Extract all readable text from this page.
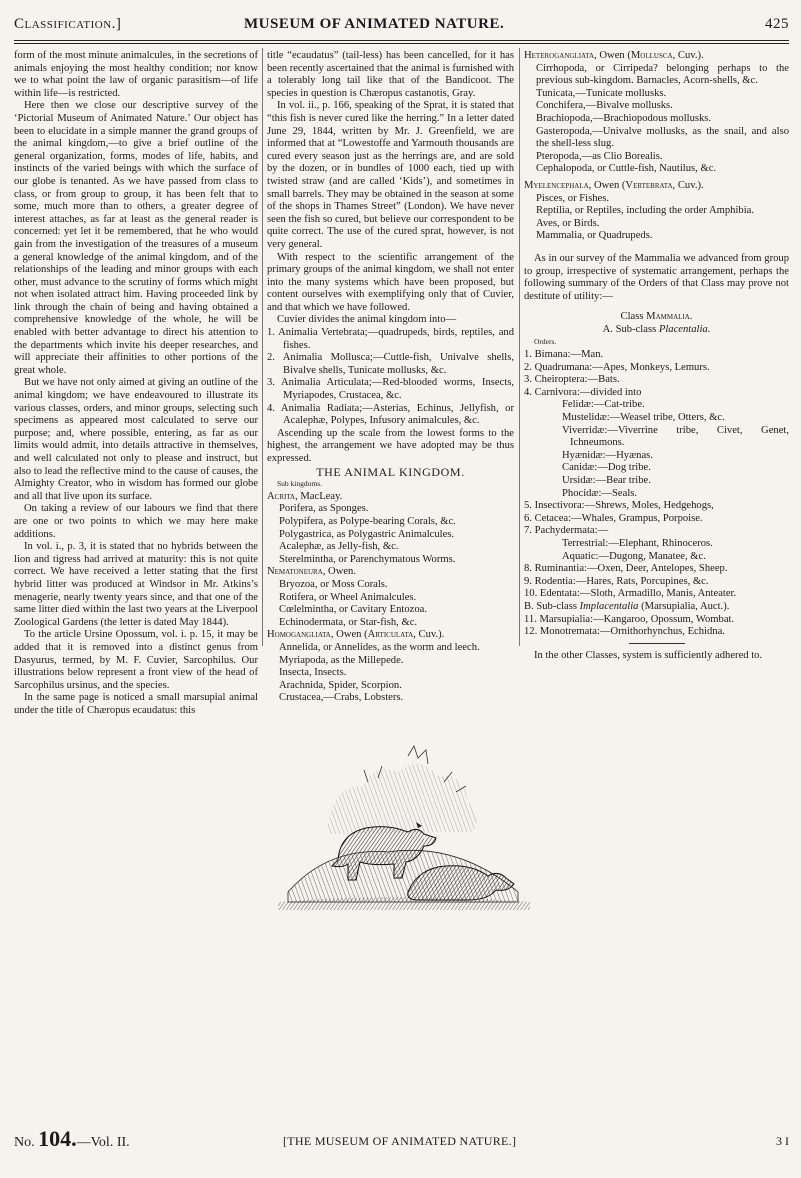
Classification.]	MUSEUM OF ANIMATED NATURE.	425

form of the most minute animalcules, in the secretions of animals enjoying the most healthy condition; nor know we to what point the law of organic parasitism—of life within life—is restricted.

Here then we close our descriptive survey of the ‘Pictorial Museum of Animated Nature.’ Our object has been to elucidate in a simple manner the grand groups of the animal kingdom,—to give a brief outline of the general organization, forms, modes of life, habits, and instincts of the varied beings with which the surface of our globe is tenanted. As we have passed from class to class, or from group to group, it has been felt that to some, much more than to others, a greater degree of interest attaches, as far at least as the general reader is concerned: yet let it be remembered, that he who would gain from the investigation of the treasures of a museum a general knowledge of the animal kingdom, and of the relationships of the leading and minor groups with each other, must advance to the scrutiny of forms which might not when isolated attract him. Having proceeded link by link through the chain of being and having obtained a comprehensive knowledge of the whole, he will be enabled with better advantage to direct his attention to the departments which invite his deeper researches, and will appreciate their affinities to other portions of the great whole.

But we have not only aimed at giving an outline of the animal kingdom; we have endeavoured to illustrate its various classes, orders, and minor groups, selecting such specimens as appeared most calculated to serve our purpose; and, where possible, entering, as far as our limits would admit, into details attractive in themselves, and well calculated not only to please and instruct, but also to lead the reflective mind to the cause of causes, the Almighty Creator, who in wisdom has formed our globe and all that live upon its surface.

On taking a review of our labours we find that there are one or two points to which we may here make additions.

In vol. i., p. 3, it is stated that no hybrids between the lion and tigress had arrived at maturity: this is not quite correct. We have received a letter stating that the first hybrid litter was produced at Windsor in Mr. Atkins’s menagerie, nearly twenty years since, and that one of the same litter died within the last two years at the Liverpool Zoological Gardens (the letter is dated May 1844).

To the article Ursine Opossum, vol. i. p. 15, it may be added that it is removed into a distinct genus from Dasyurus, termed, by M. F. Cuvier, Sarcophilus. Our illustrations below represent a front view of the head of Sarcophilus ursinus, and the species.

In the same page is noticed a small marsupial animal under the title of Chæropus ecaudatus: this

title “ecaudatus” (tail-less) has been cancelled, for it has been recently ascertained that the animal is furnished with a tolerably long tail like that of the Bandicoot. The species in question is Chæropus castanotis, Gray.

In vol. ii., p. 166, speaking of the Sprat, it is stated that “this fish is never cured like the herring.” In a letter dated June 29, 1844, written by Mr. J. Greenfield, we are informed that at “Lowestoffe and Yarmouth thousands are cured every season just as the herrings are, and are sold by the dozen, or in bundles of 1000 each, tied up with twisted straw (and are called ‘Kids’), and sometimes in small barrels. They may be obtained in the season at some of the shops in Thames Street” (London). We have never seen the fish so cured, but believe our correspondent to be quite correct. The use of the cured sprat, however, is not very general.

With respect to the scientific arrangement of the primary groups of the animal kingdom, we shall not enter into the many systems which have been proposed, but content ourselves with exemplifying only that of Cuvier, and that which we have followed.

Cuvier divides the animal kingdom into—

1. Animalia Vertebrata;—quadrupeds, birds, reptiles, and fishes.

2. Animalia Mollusca;—Cuttle-fish, Univalve shells, Bivalve shells, Tunicate mollusks, &c.

3. Animalia Articulata;—Red-blooded worms, Insects, Myriapodes, Crustacea, &c.

4. Animalia Radiata;—Asterias, Echinus, Jellyfish, or Acalephæ, Polypes, Infusory animalcules, &c.

Ascending up the scale from the lowest forms to the highest, the arrangement we have adopted may be thus expressed.

THE ANIMAL KINGDOM.

Sub kingdoms.

Acrita, MacLeay.

Porifera, as Sponges.

Polypifera, as Polype-bearing Corals, &c.

Polygastrica, as Polygastric Animalcules.

Acalephæ, as Jelly-fish, &c.

Sterelmintha, or Parenchymatous Worms.

Nematoneura, Owen.

Bryozoa, or Moss Corals.

Rotifera, or Wheel Animalcules.

Cœlelmintha, or Cavitary Entozoa.

Echinodermata, or Star-fish, &c.

Homogangliata, Owen (Articulata, Cuv.).

Annelida, or Annelides, as the worm and leech.

Myriapoda, as the Millepede.

Insecta, Insects.

Arachnida, Spider, Scorpion.

Crustacea,—Crabs, Lobsters.

Heterogangliata, Owen (Mollusca, Cuv.).

Cirrhopoda, or Cirripeda? belonging perhaps to the previous sub-kingdom. Barnacles, Acorn-shells, &c.

Tunicata,—Tunicate mollusks.

Conchifera,—Bivalve mollusks.

Brachiopoda,—Brachiopodous mollusks.

Gasteropoda,—Univalve mollusks, as the snail, and also the shell-less slug.

Pteropoda,—as Clio Borealis.

Cephalopoda, or Cuttle-fish, Nautilus, &c.

Myelencephala, Owen (Vertebrata, Cuv.).

Pisces, or Fishes.

Reptilia, or Reptiles, including the order Amphibia.

Aves, or Birds.

Mammalia, or Quadrupeds.

As in our survey of the Mammalia we advanced from group to group, irrespective of systematic arrangement, perhaps the following summary of the Orders of that Class may prove not destitute of utility:—

Class Mammalia.

A. Sub-class Placentalia.

Orders.

1. Bimana:—Man.

2. Quadrumana:—Apes, Monkeys, Lemurs.

3. Cheiroptera:—Bats.

4. Carnivora:—divided into

Felidæ:—Cat-tribe.

Mustelidæ:—Weasel tribe, Otters, &c.

Viverridæ:—Viverrine tribe, Civet, Genet, Ichneumons.

Hyænidæ:—Hyænas.

Canidæ:—Dog tribe.

Ursidæ:—Bear tribe.

Phocidæ:—Seals.

5. Insectivora:—Shrews, Moles, Hedgehogs,

6. Cetacea:—Whales, Grampus, Porpoise.

7. Pachydermata:—

Terrestrial:—Elephant, Rhinoceros.

Aquatic:—Dugong, Manatee, &c.

8. Ruminantia:—Oxen, Deer, Antelopes, Sheep.

9. Rodentia:—Hares, Rats, Porcupines, &c.

10. Edentata:—Sloth, Armadillo, Manis, Anteater.

B. Sub-class Implacentalia (Marsupialia, Auct.).

11. Marsupialia:—Kangaroo, Opossum, Wombat.

12. Monotremata:—Ornithorhynchus, Echidna.

In the other Classes, system is sufficiently adhered to.

No. 104.—Vol. II.	[THE MUSEUM OF ANIMATED NATURE.]	3 I
